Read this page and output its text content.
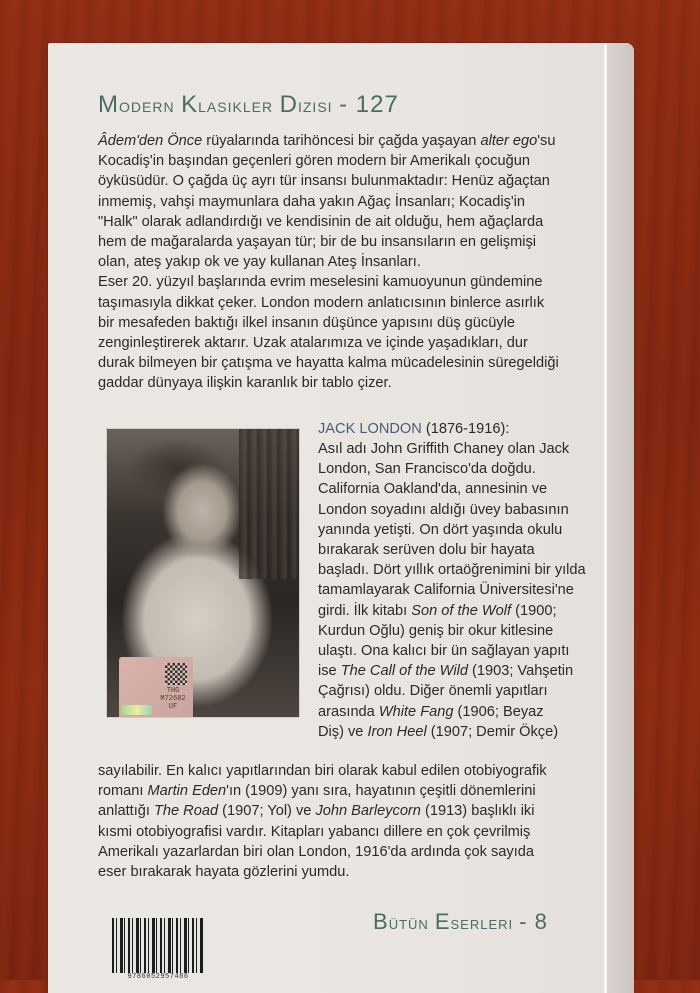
Modern Klasikler Dizisi - 127
Âdem'den Önce rüyalarında tarihöncesi bir çağda yaşayan alter ego'su
Kocadiş'in başından geçenleri gören modern bir Amerikalı çocuğun
öyküsüdür. O çağda üç ayrı tür insansı bulunmaktadır: Henüz ağaçtan
inmemiş, vahşi maymunlara daha yakın Ağaç İnsanları; Kocadiş'in
"Halk" olarak adlandırdığı ve kendisinin de ait olduğu, hem ağaçlarda
hem de mağaralarda yaşayan tür; bir de bu insansıların en gelişmişi
olan, ateş yakıp ok ve yay kullanan Ateş İnsanları.
Eser 20. yüzyıl başlarında evrim meselesini kamuoyunun gündemine
taşımasıyla dikkat çeker. London modern anlatıcısının binlerce asırlık
bir mesafeden baktığı ilkel insanın düşünce yapısını düş gücüyle
zenginleştirerek aktarır. Uzak atalarımıza ve içinde yaşadıkları, dur
durak bilmeyen bir çatışma ve hayatta kalma mücadelesinin süregeldiği
gaddar dünyaya ilişkin karanlık bir tablo çizer.
THG
M72682
UF
JACK LONDON (1876-1916):
Asıl adı John Griffith Chaney olan Jack
London, San Francisco'da doğdu.
California Oakland'da, annesinin ve
London soyadını aldığı üvey babasının
yanında yetişti. On dört yaşında okulu
bırakarak serüven dolu bir hayata
başladı. Dört yıllık ortaöğrenimini bir yılda
tamamlayarak California Üniversitesi'ne
girdi. İlk kitabı Son of the Wolf (1900;
Kurdun Oğlu) geniş bir okur kitlesine
ulaştı. Ona kalıcı bir ün sağlayan yapıtı
ise The Call of the Wild (1903; Vahşetin
Çağrısı) oldu. Diğer önemli yapıtları
arasında White Fang (1906; Beyaz
Diş) ve Iron Heel (1907; Demir Ökçe)
sayılabilir. En kalıcı yapıtlarından biri olarak kabul edilen otobiyografik
romanı Martin Eden'ın (1909) yanı sıra, hayatının çeşitli dönemlerini
anlattığı The Road (1907; Yol) ve John Barleycorn (1913) başlıklı iki
kısmi otobiyografisi vardır. Kitapları yabancı dillere en çok çevrilmiş
Amerikalı yazarlardan biri olan London, 1916'da ardında çok sayıda
eser bırakarak hayata gözlerini yumdu.
Bütün Eserleri - 8
9786052957486
